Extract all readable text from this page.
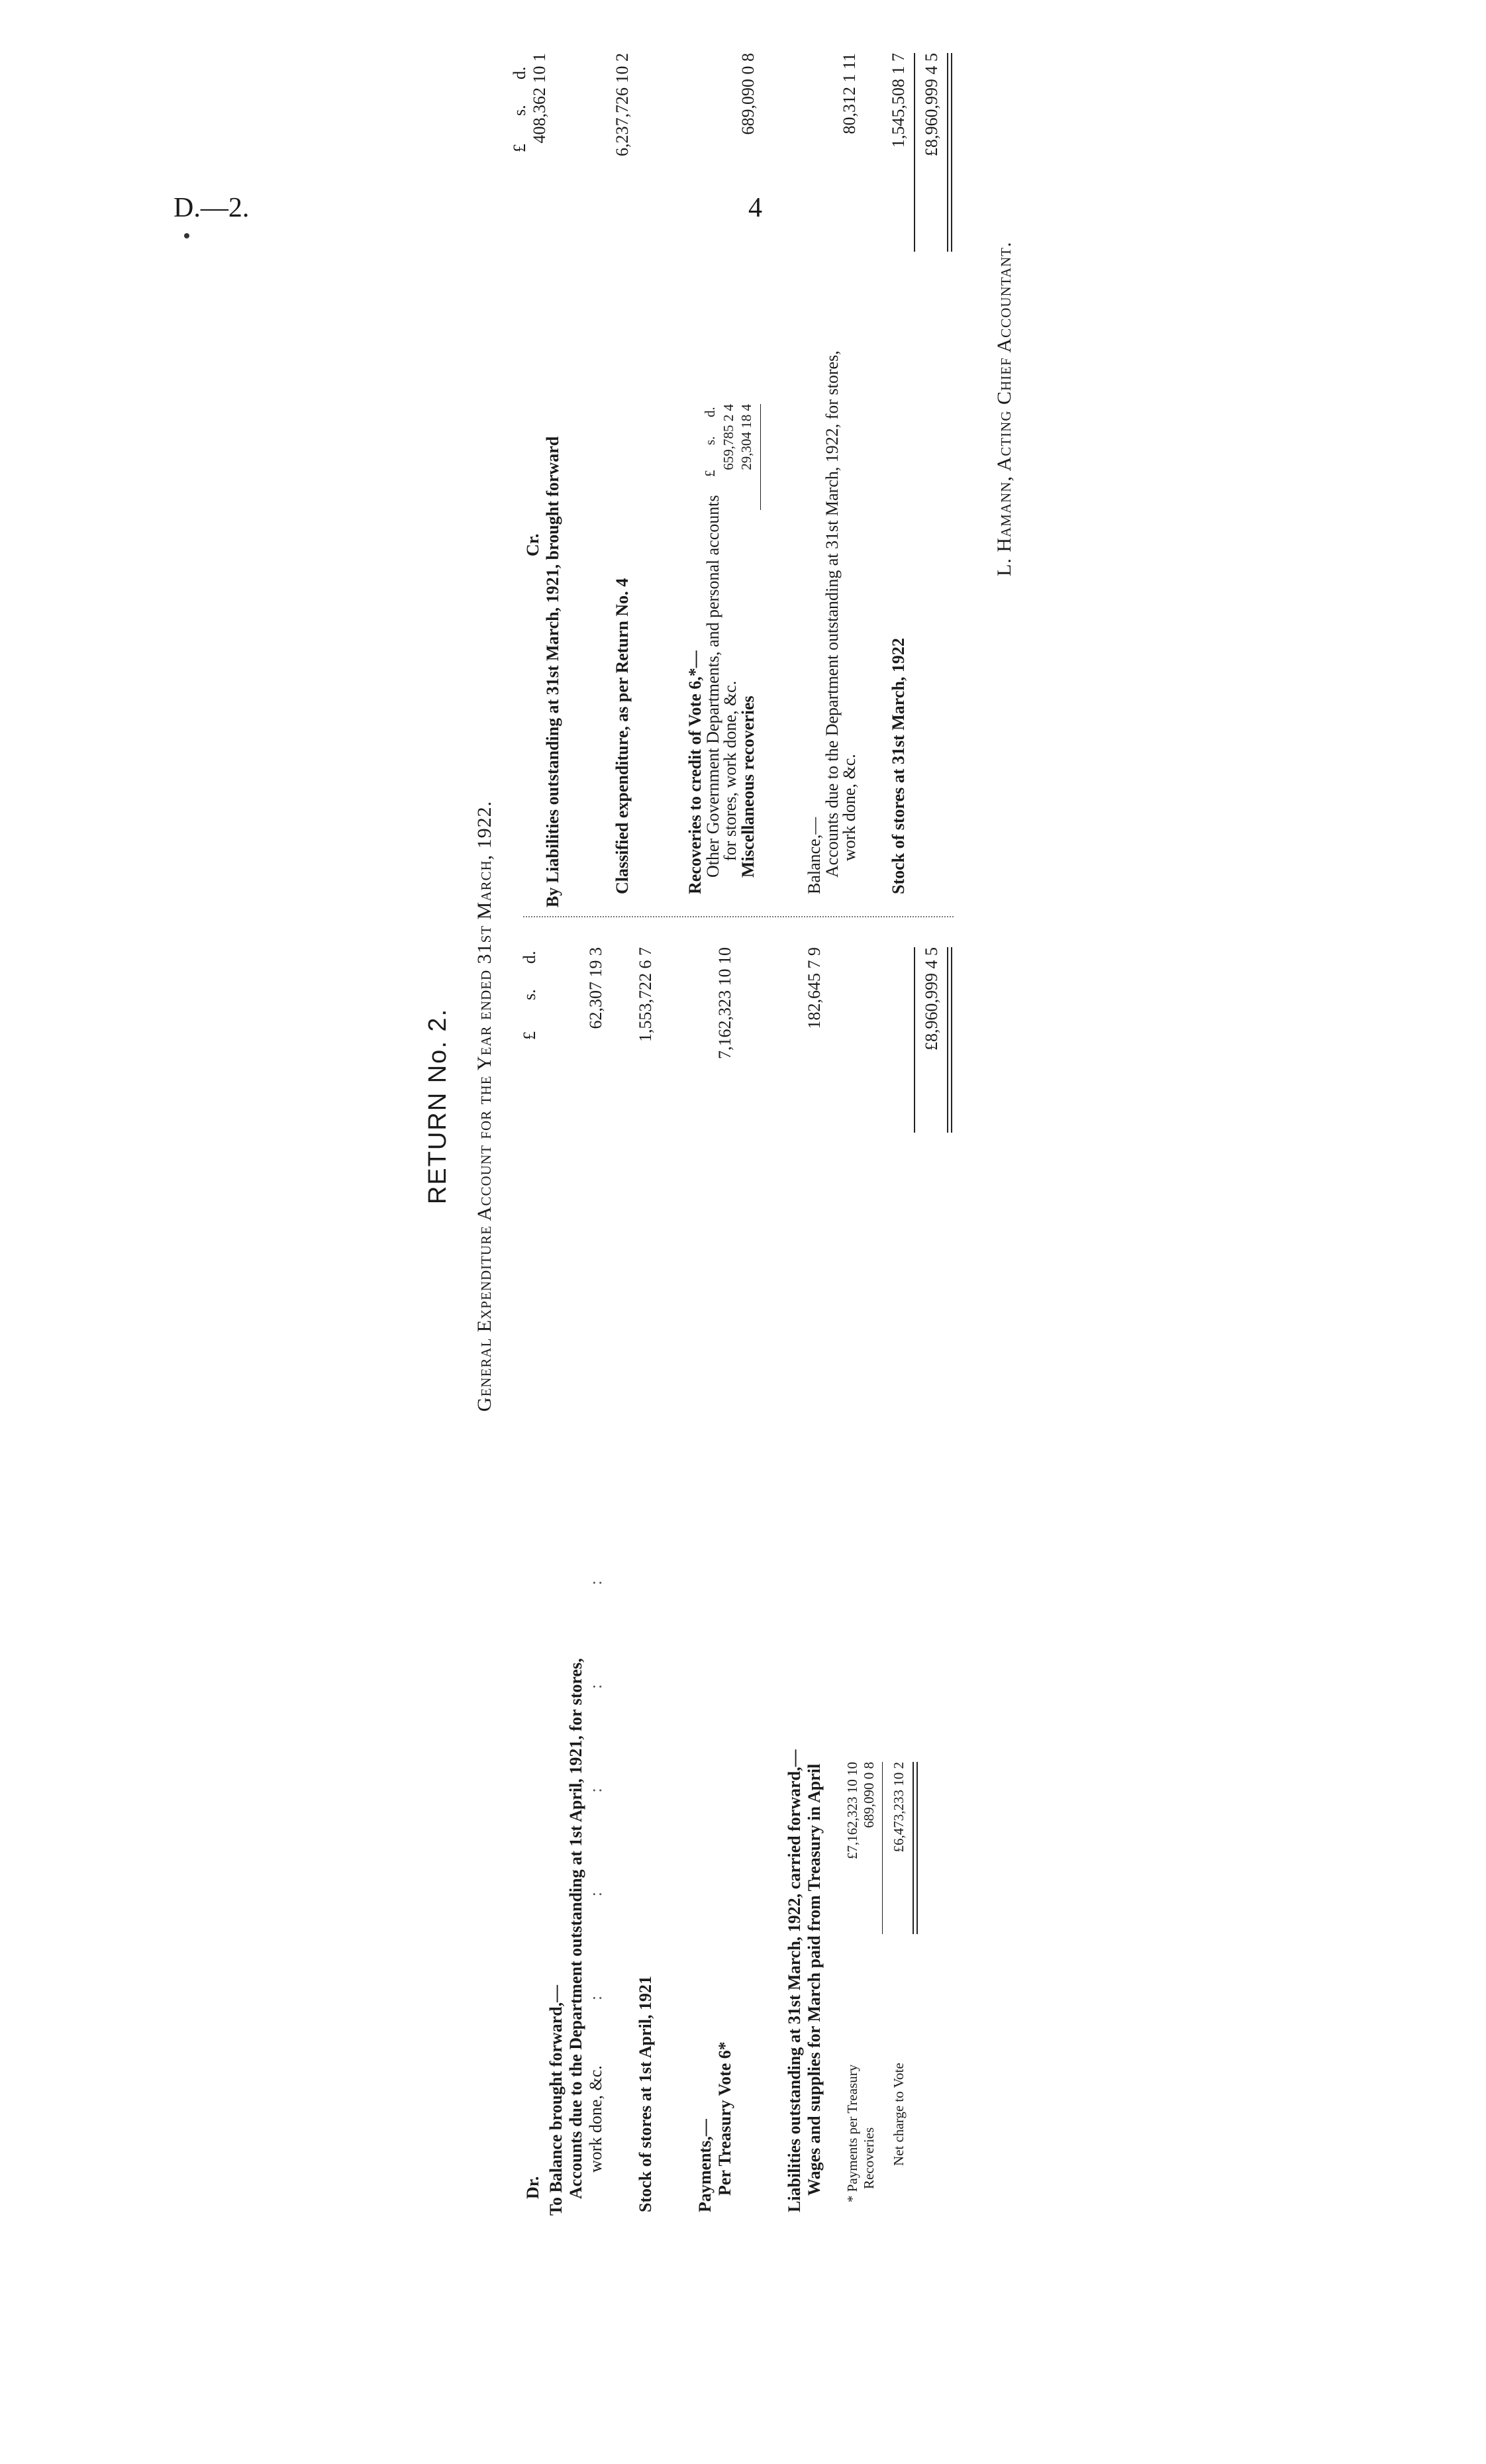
D.—2.	4
RETURN No. 2. General Expenditure Account for the Year ended 31st March, 1922.
Dr.
£
s.
d.
Cr.
£
s.
d.
To Balance brought forward,— Accounts due to the Department outstanding at 1st April, 1921, for stores, work done, &c.
:                       :                       :                       :                       :
62,307 19 3
Stock of stores at 1st April, 1921
1,553,722 6 7
Payments,— Per Treasury Vote 6*
7,162,323 10 10
Liabilities outstanding at 31st March, 1922, carried forward,— Wages and supplies for March paid from Treasury in April
182,645 7 9	£8,960,999 4 5
* Payments per Treasury Recoveries
£7,162,323 10 10 689,090 0 8
Net charge to Vote
£6,473,233 10 2
By Liabilities outstanding at 31st March, 1921, brought forward
408,362 10 1
Classified expenditure, as per Return No. 4
6,237,726 10 2
Recoveries to credit of Vote 6,*—
Other Government Departments, and personal accounts
for stores, work done, &c.
£
s.
d. 659,785 2 4
Miscellaneous recoveries
29,304 18 4
689,090 0 8
Balance,—
Accounts due to the Department outstanding at 31st March, 1922, for stores,
work done, &c.
80,312 1 11
Stock of stores at 31st March, 1922
1,545,508 1 7 £8,960,999 4 5
L. Hamann, Acting Chief Accountant.
